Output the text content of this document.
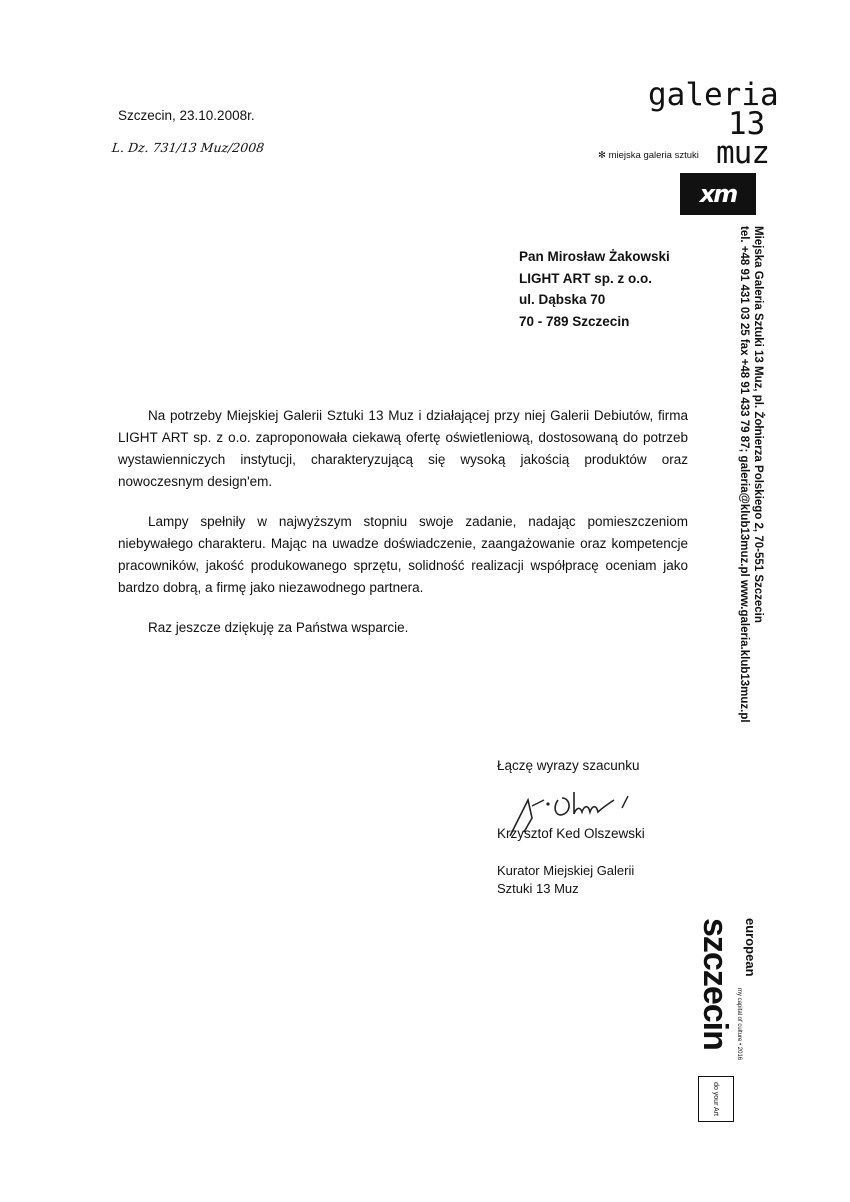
Szczecin, 23.10.2008r.
L. Dz. 731/13 Muz/2008
galeria
13
muz
✻ miejska galeria sztuki
xm
Miejska Galeria Sztuki 13 Muz, pl. Żołnierza Polskiego 2, 70-551 Szczecin
tel. +48 91 431 03 25 fax +48 91 433 79 87; galeria@klub13muz.pl www.galeria.klub13muz.pl
Pan Mirosław Żakowski
LIGHT ART sp. z o.o.
ul. Dąbska 70
70 - 789 Szczecin

Na potrzeby Miejskiej Galerii Sztuki 13 Muz i działającej przy niej Galerii Debiutów, firma LIGHT ART sp. z o.o. zaproponowała ciekawą ofertę oświetleniową, dostosowaną do potrzeb wystawienniczych instytucji, charakteryzującą się wysoką jakością produktów oraz nowoczesnym design'em.

Lampy spełniły w najwyższym stopniu swoje zadanie, nadając pomieszczeniom niebywałego charakteru. Mając na uwadze doświadczenie, zaangażowanie oraz kompetencje pracowników, jakość produkowanego sprzętu, solidność realizacji współpracę oceniam jako bardzo dobrą, a firmę jako niezawodnego partnera.

Raz jeszcze dziękuję za Państwa wsparcie.

Łączę wyrazy szacunku
Krzysztof Ked Olszewski
Kurator Miejskiej Galerii
Sztuki 13 Muz
european
szczecin my capital of culture • 2016
do your Art
